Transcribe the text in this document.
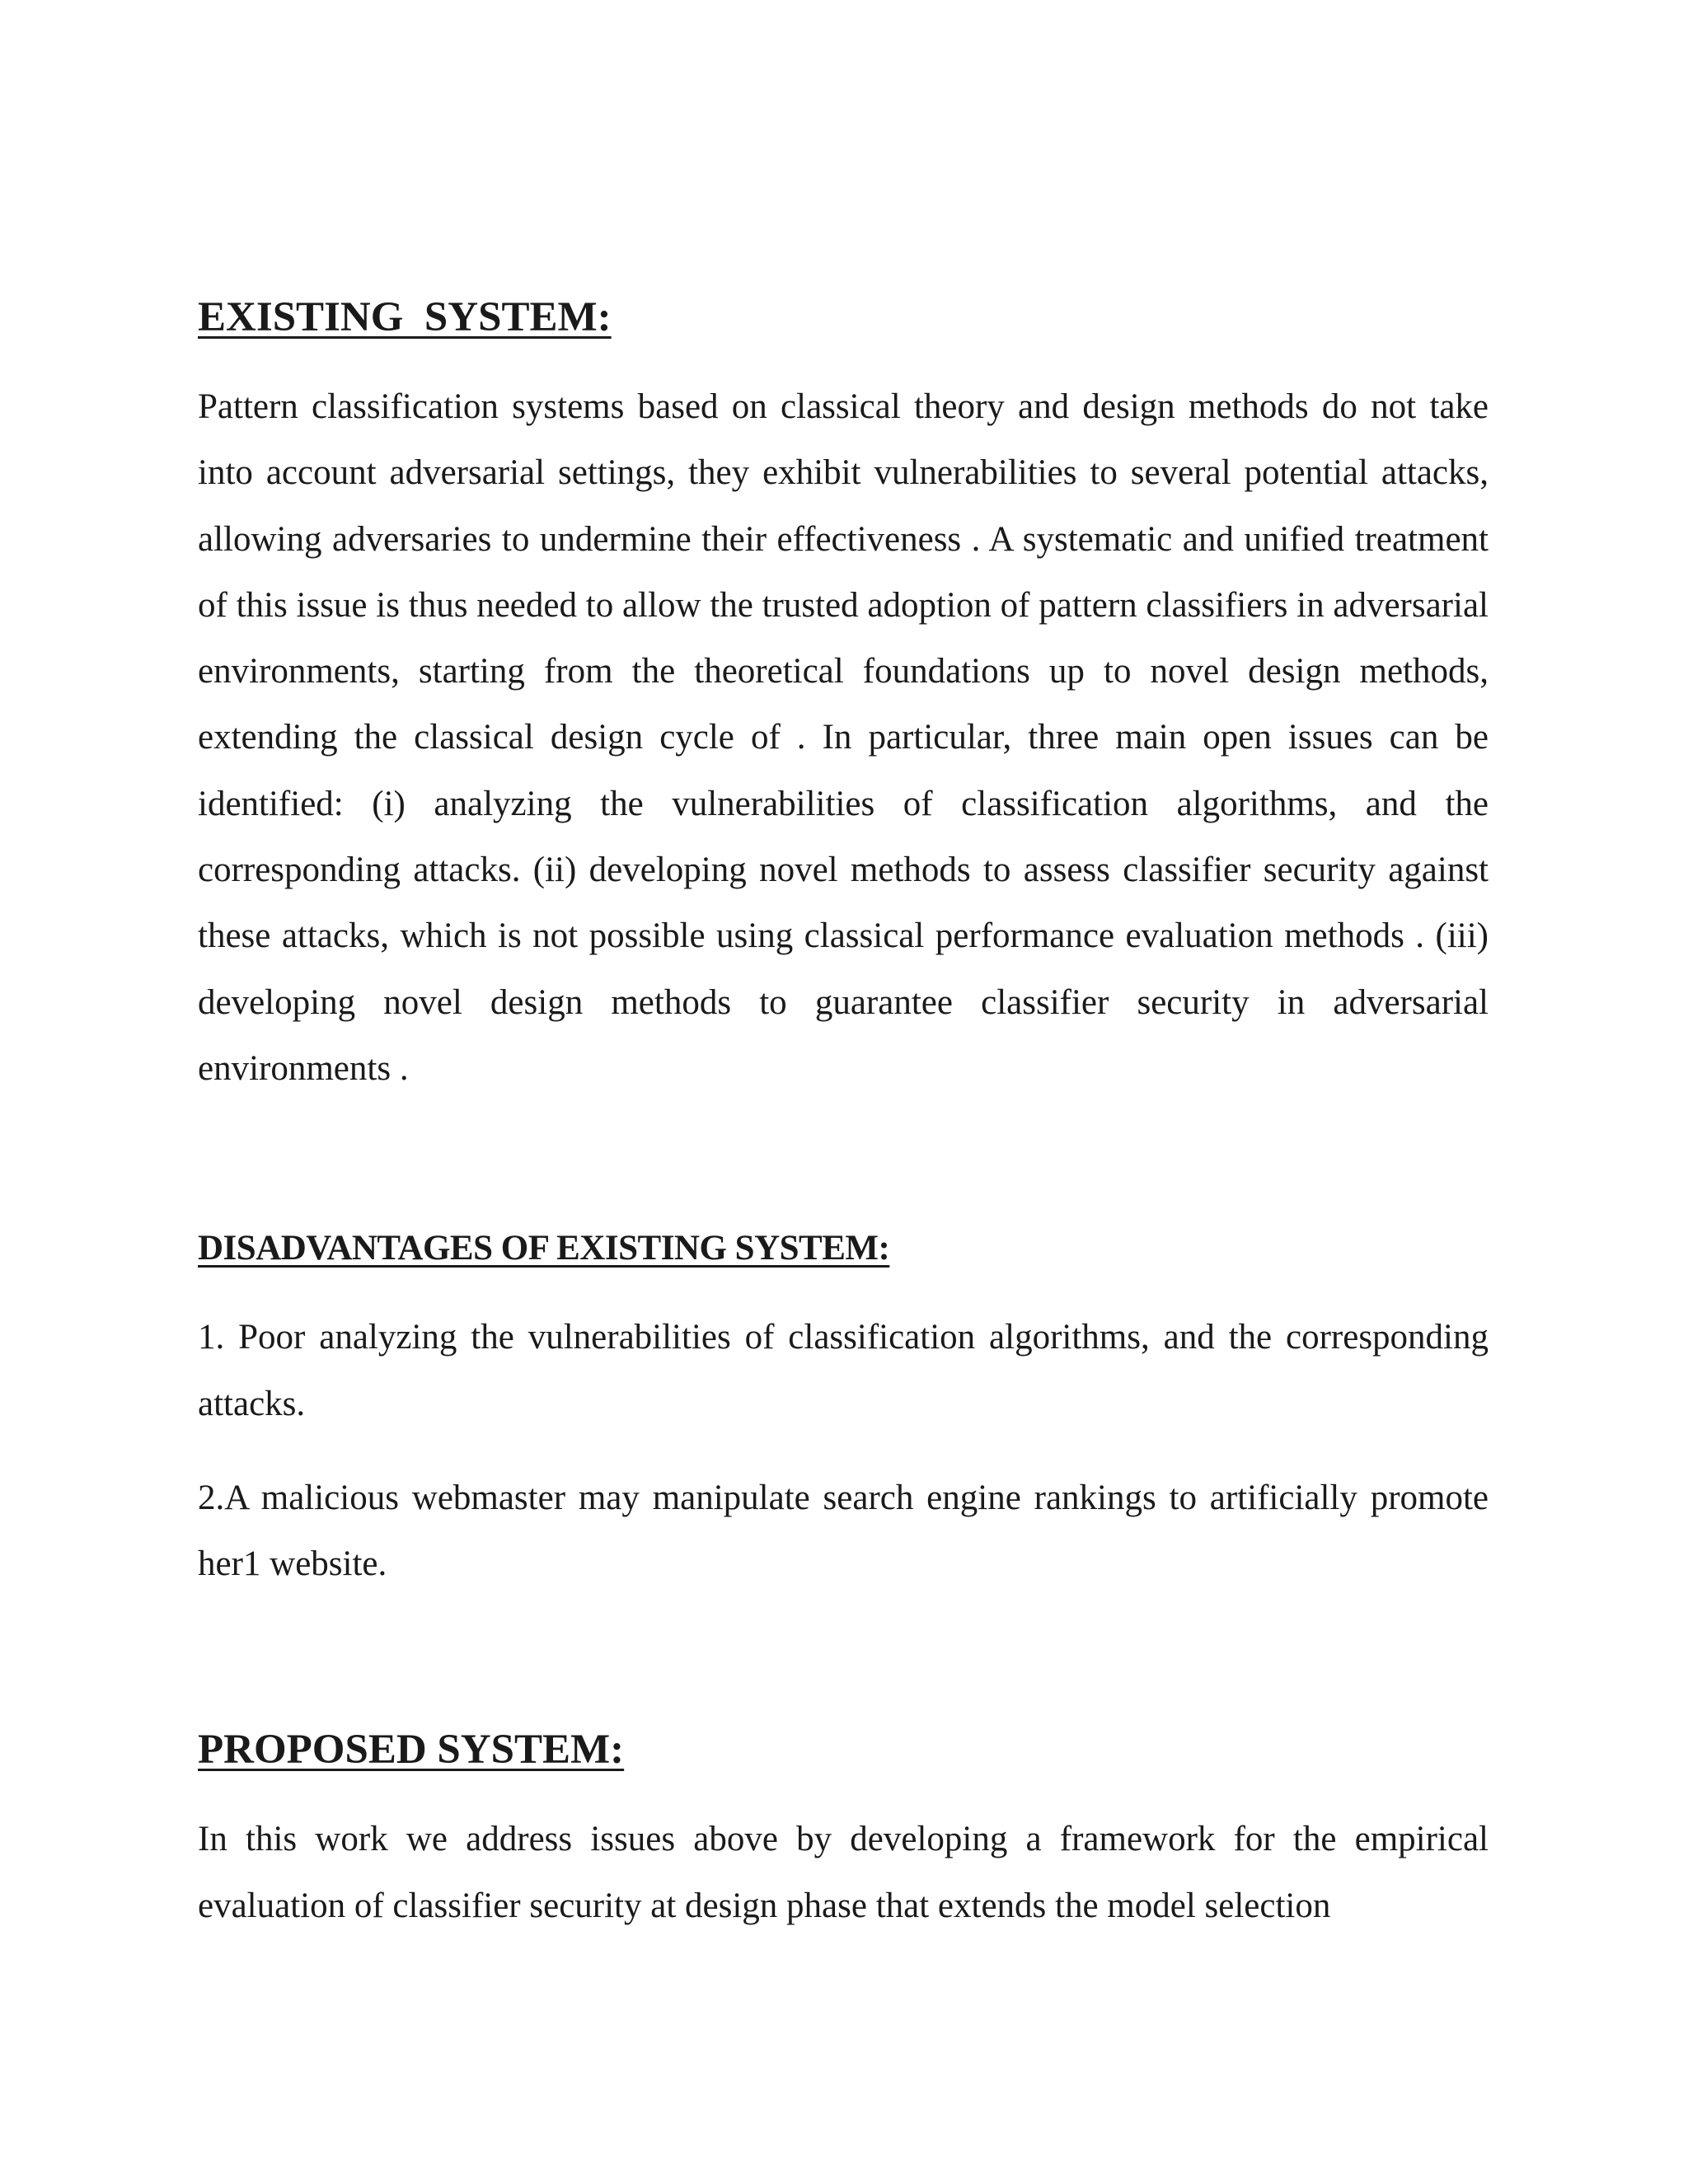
EXISTING  SYSTEM:

Pattern classification systems based on classical theory and design methods do not take into account adversarial settings, they exhibit vulnerabilities to several potential attacks, allowing adversaries to undermine their effectiveness . A systematic and unified treatment of this issue is thus needed to allow the trusted adoption of pattern classifiers in adversarial environments, starting from the theoretical foundations up to novel design methods, extending the classical design cycle of . In particular, three main open issues can be identified: (i) analyzing the vulnerabilities of classification algorithms, and the corresponding attacks. (ii) developing novel methods to assess classifier security against these attacks, which is not possible using classical performance evaluation methods . (iii) developing novel design methods to guarantee classifier security in adversarial environments .

DISADVANTAGES OF EXISTING SYSTEM:

1. Poor analyzing the vulnerabilities of classification algorithms, and the corresponding attacks.

2.A malicious webmaster may manipulate search engine rankings to artificially promote her1 website.

PROPOSED SYSTEM:

In this work we address issues above by developing a framework for the empirical evaluation of classifier security at design phase that extends the model selection
